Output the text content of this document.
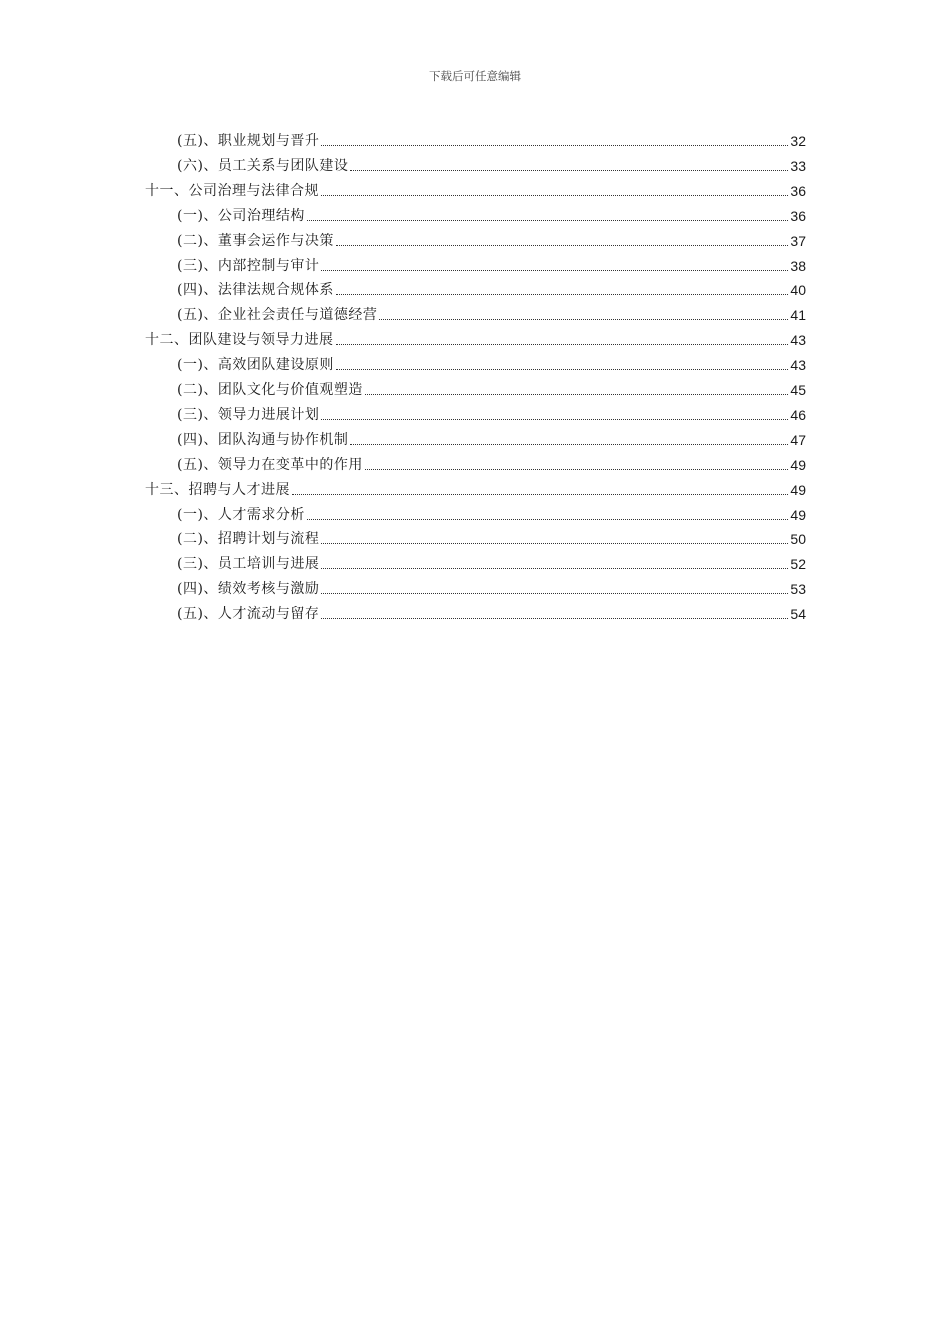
下载后可任意编辑
(五)、职业规划与晋升	32
(六)、员工关系与团队建设	33
十一、公司治理与法律合规	36
(一)、公司治理结构	36
(二)、董事会运作与决策	37
(三)、内部控制与审计	38
(四)、法律法规合规体系	40
(五)、企业社会责任与道德经营	41
十二、团队建设与领导力进展	43
(一)、高效团队建设原则	43
(二)、团队文化与价值观塑造	45
(三)、领导力进展计划	46
(四)、团队沟通与协作机制	47
(五)、领导力在变革中的作用	49
十三、招聘与人才进展	49
(一)、人才需求分析	49
(二)、招聘计划与流程	50
(三)、员工培训与进展	52
(四)、绩效考核与激励	53
(五)、人才流动与留存	54
